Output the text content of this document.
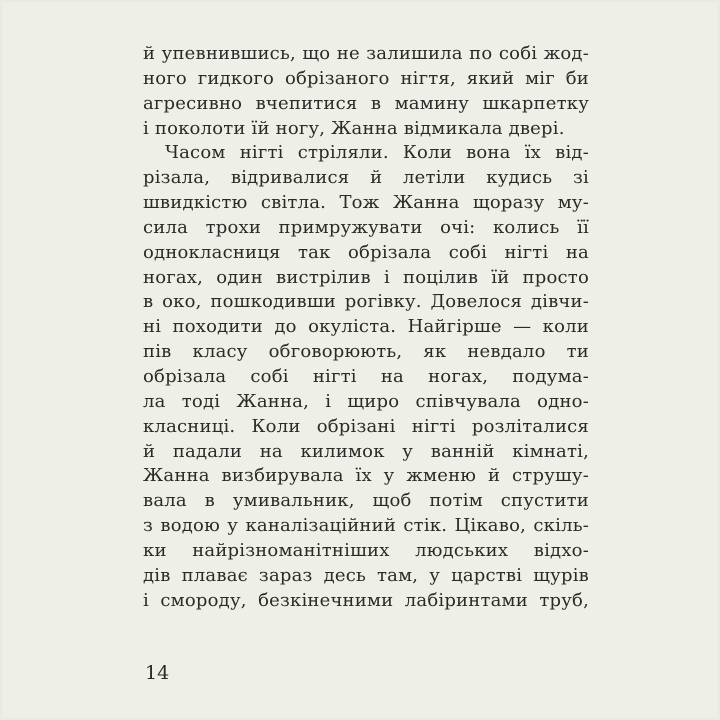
й упевнившись, що не залишила по собі жод-
ного гидкого обрізаного нігтя, який міг би
агресивно вчепитися в мамину шкарпетку
і поколоти їй ногу, Жанна відмикала двері.
Часом нігті стріляли. Коли вона їх від-
різала, відривалися й летіли кудись зі
швидкістю світла. Тож Жанна щоразу му-
сила трохи примружувати очі: колись її
однокласниця так обрізала собі нігті на
ногах, один вистрілив і поцілив їй просто
в око, пошкодивши рогівку. Довелося дівчи-
ні походити до окуліста. Найгірше — коли
пів класу обговорюють, як невдало ти
обрізала собі нігті на ногах, подума-
ла тоді Жанна, і щиро співчувала одно-
класниці. Коли обрізані нігті розліталися
й падали на килимок у ванній кімнаті,
Жанна визбирувала їх у жменю й струшу-
вала в умивальник, щоб потім спустити
з водою у каналізаційний стік. Цікаво, скіль-
ки найрізноманітніших людських відхо-
дів плаває зараз десь там, у царстві щурів
і смороду, безкінечними лабіринтами труб,
14
